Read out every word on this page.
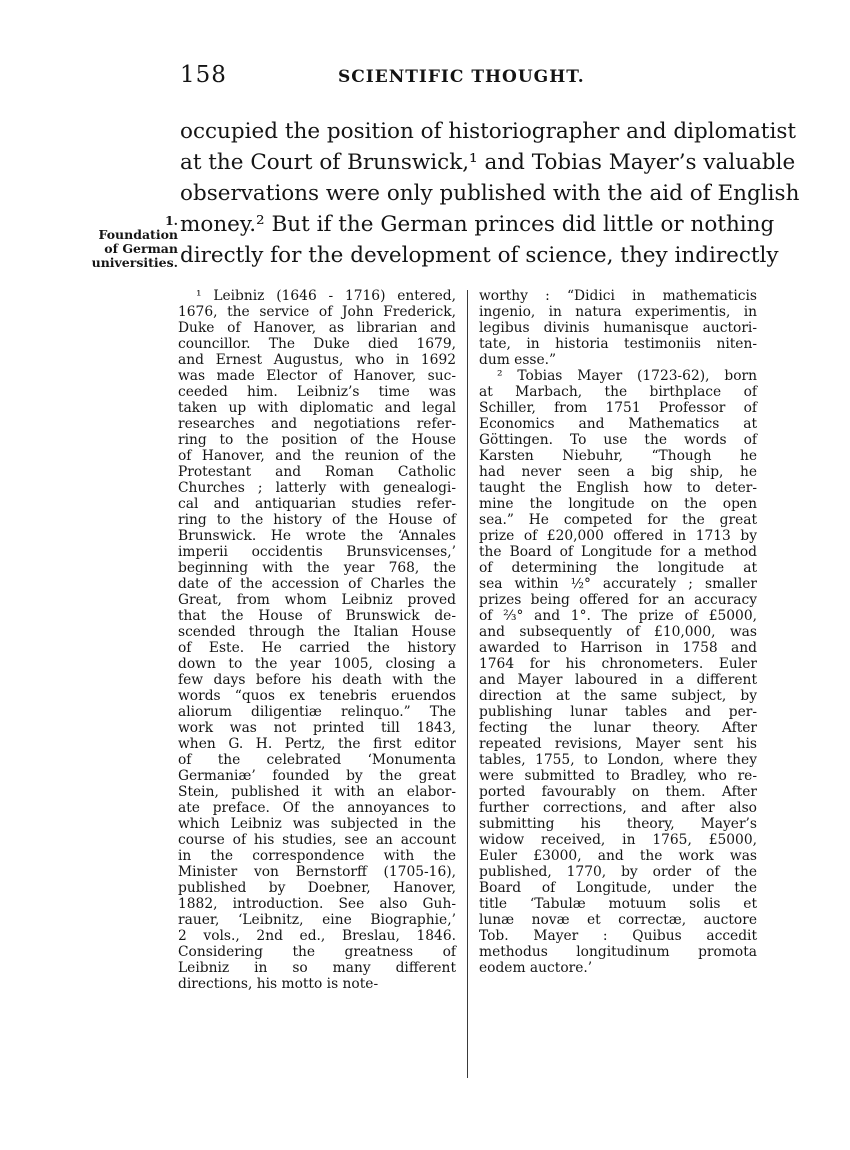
158	SCIENTIFIC THOUGHT.
1.
Foundation
of German
universities.
occupied the position of historiographer and diplomatist
at the Court of Brunswick,¹ and Tobias Mayer’s valuable
observations were only published with the aid of English
money.² But if the German princes did little or nothing
directly for the development of science, they indirectly
¹ Leibniz (1646 - 1716) entered,
1676, the service of John Frederick,
Duke of Hanover, as librarian and
councillor. The Duke died 1679,
and Ernest Augustus, who in 1692
was made Elector of Hanover, suc-
ceeded him. Leibniz’s time was
taken up with diplomatic and legal
researches and negotiations refer-
ring to the position of the House
of Hanover, and the reunion of the
Protestant and Roman Catholic
Churches ; latterly with genealogi-
cal and antiquarian studies refer-
ring to the history of the House of
Brunswick. He wrote the ‘Annales
imperii occidentis Brunsvicenses,’
beginning with the year 768, the
date of the accession of Charles the
Great, from whom Leibniz proved
that the House of Brunswick de-
scended through the Italian House
of Este. He carried the history
down to the year 1005, closing a
few days before his death with the
words “quos ex tenebris eruendos
aliorum diligentiæ relinquo.” The
work was not printed till 1843,
when G. H. Pertz, the first editor
of the celebrated ‘Monumenta
Germaniæ’ founded by the great
Stein, published it with an elabor-
ate preface. Of the annoyances to
which Leibniz was subjected in the
course of his studies, see an account
in the correspondence with the
Minister von Bernstorff (1705-16),
published by Doebner, Hanover,
1882, introduction. See also Guh-
rauer, ‘Leibnitz, eine Biographie,’
2 vols., 2nd ed., Breslau, 1846.
Considering the greatness of
Leibniz in so many different
directions, his motto is note-
worthy : “Didici in mathematicis
ingenio, in natura experimentis, in
legibus divinis humanisque auctori-
tate, in historia testimoniis niten-
dum esse.”
² Tobias Mayer (1723-62), born
at Marbach, the birthplace of
Schiller, from 1751 Professor of
Economics and Mathematics at
Göttingen. To use the words of
Karsten Niebuhr, “Though he
had never seen a big ship, he
taught the English how to deter-
mine the longitude on the open
sea.” He competed for the great
prize of £20,000 offered in 1713 by
the Board of Longitude for a method
of determining the longitude at
sea within ½° accurately ; smaller
prizes being offered for an accuracy
of ⅔° and 1°. The prize of £5000,
and subsequently of £10,000, was
awarded to Harrison in 1758 and
1764 for his chronometers. Euler
and Mayer laboured in a different
direction at the same subject, by
publishing lunar tables and per-
fecting the lunar theory. After
repeated revisions, Mayer sent his
tables, 1755, to London, where they
were submitted to Bradley, who re-
ported favourably on them. After
further corrections, and after also
submitting his theory, Mayer’s
widow received, in 1765, £5000,
Euler £3000, and the work was
published, 1770, by order of the
Board of Longitude, under the
title ‘Tabulæ motuum solis et
lunæ novæ et correctæ, auctore
Tob. Mayer : Quibus accedit
methodus longitudinum promota
eodem auctore.’
